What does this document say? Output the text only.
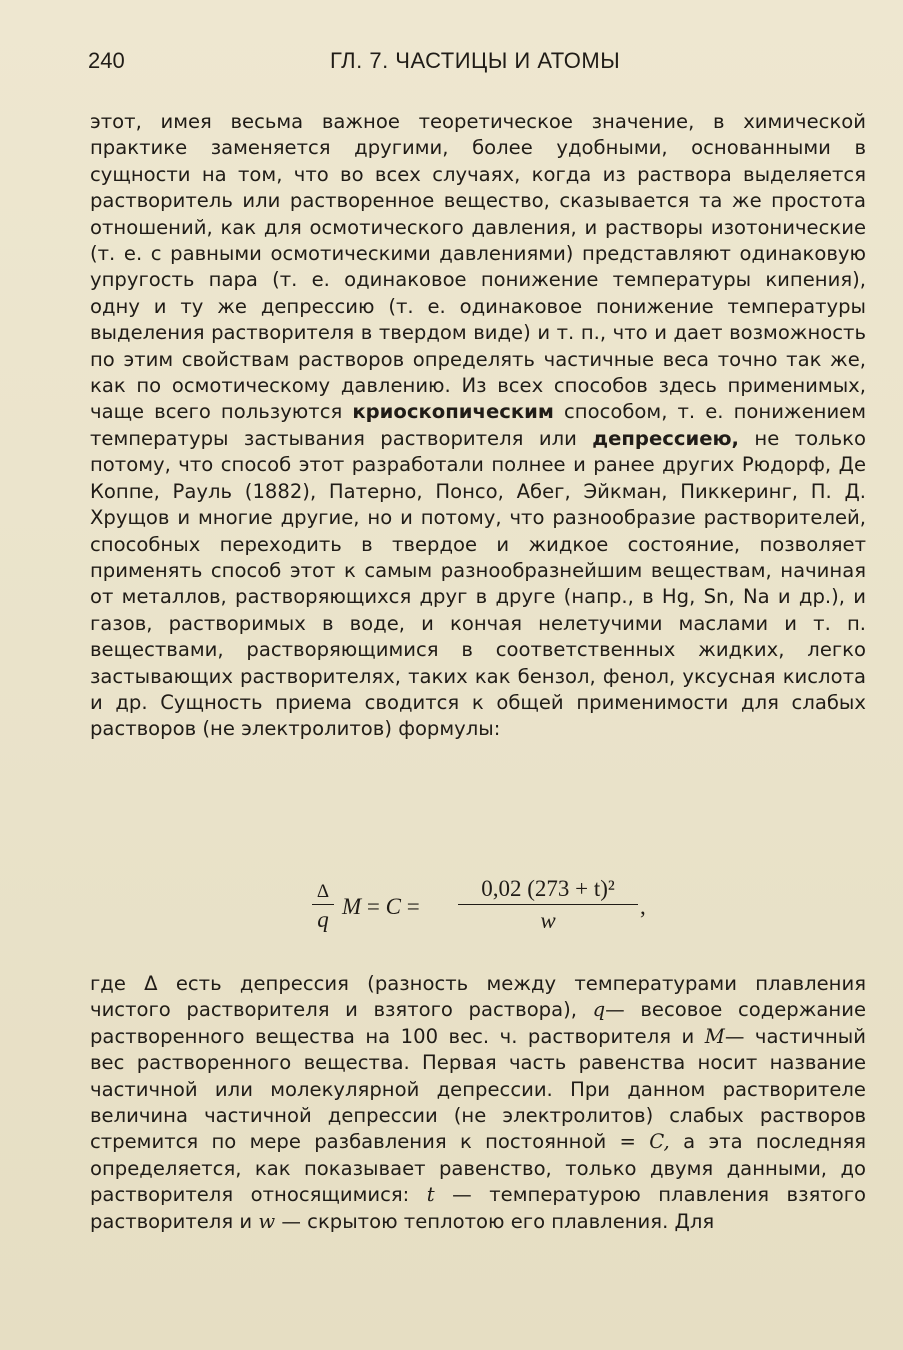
240	ГЛ. 7. ЧАСТИЦЫ И АТОМЫ

этот, имея весьма важное теоретическое значение, в химической практике заменяется другими, более удобными, основанными в сущности на том, что во всех случаях, когда из раствора выделяется растворитель или растворенное вещество, сказывается та же простота отношений, как для осмотического давления, и растворы изотонические (т. е. с равными осмотическими давлениями) представляют одинаковую упругость пара (т. е. одинаковое понижение температуры кипения), одну и ту же депрессию (т. е. одинаковое понижение температуры выделения растворителя в твердом виде) и т. п., что и дает возможность по этим свойствам растворов определять частичные веса точно так же, как по осмотическому давлению. Из всех способов здесь применимых, чаще всего пользуются криоскопическим способом, т. е. понижением температуры застывания растворителя или депрессиею, не только потому, что способ этот разработали полнее и ранее других Рюдорф, Де Коппе, Рауль (1882), Патерно, Понсо, Абег, Эйкман, Пиккеринг, П. Д. Хрущов и многие другие, но и потому, что разнообразие растворителей, способных переходить в твердое и жидкое состояние, позволяет применять способ этот к самым разнообразнейшим веществам, начиная от металлов, растворяющихся друг в друге (напр., в Hg, Sn, Na и др.), и газов, растворимых в воде, и кончая нелетучими маслами и т. п. веществами, растворяющимися в соответственных жидких, легко застывающих растворителях, таких как бензол, фенол, уксусная кислота и др. Сущность приема сводится к общей применимости для слабых растворов (не электролитов) формулы:

Δ
q
M = C =
0,02 (273 + t)²
w
,

где Δ есть депрессия (разность между температурами плавления чистого растворителя и взятого раствора), q— весовое содержание растворенного вещества на 100 вес. ч. растворителя и M— частичный вес растворенного вещества. Первая часть равенства носит название частичной или молекулярной депрессии. При данном растворителе величина частичной депрессии (не электролитов) слабых растворов стремится по мере разбавления к постоянной = C, а эта последняя определяется, как показывает равенство, только двумя данными, до растворителя относящимися: t — температурою плавления взятого растворителя и w — скрытою теплотою его плавления. Для
